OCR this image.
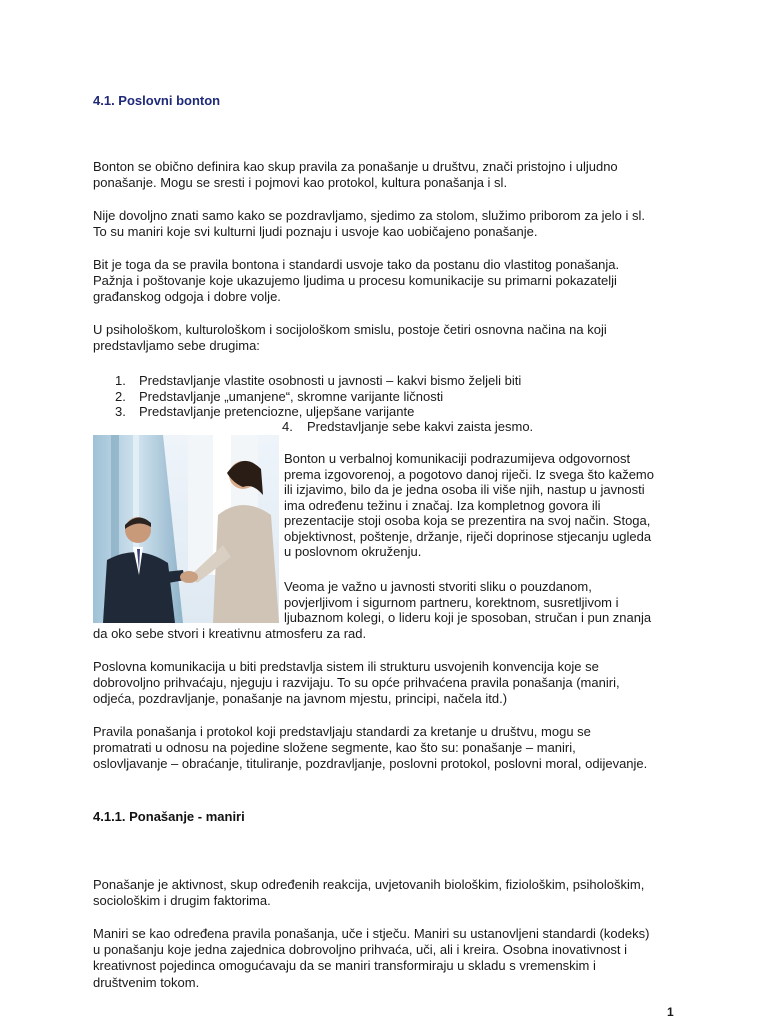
4.1. Poslovni bonton
Bonton se obično definira kao skup pravila za ponašanje u društvu, znači pristojno i uljudno
ponašanje. Mogu se sresti i pojmovi kao protokol, kultura ponašanja i sl.
Nije dovoljno znati samo kako se pozdravljamo, sjedimo za stolom, služimo priborom za jelo i sl.
To su maniri koje svi kulturni ljudi poznaju i usvoje kao uobičajeno ponašanje.
Bit je toga da se pravila bontona i standardi usvoje tako da postanu dio vlastitog ponašanja.
Pažnja i poštovanje koje ukazujemo ljudima u procesu komunikacije su primarni pokazatelji
građanskog odgoja i dobre volje.
U psihološkom, kulturološkom i socijološkom smislu, postoje četiri osnovna načina na koji
predstavljamo sebe drugima:
1. Predstavljanje vlastite osobnosti u javnosti – kakvi bismo željeli biti
2. Predstavljanje „umanjene“, skromne varijante ličnosti
3. Predstavljanje pretenciozne, uljepšane varijante
4. Predstavljanje sebe kakvi zaista jesmo.
Bonton u verbalnoj komunikaciji podrazumijeva odgovornost
prema izgovorenoj, a pogotovo danoj riječi. Iz svega što kažemo
ili izjavimo, bilo da je jedna osoba ili više njih, nastup u javnosti
ima određenu težinu i značaj. Iza kompletnog govora ili
prezentacije stoji osoba koja se prezentira na svoj način. Stoga,
objektivnost, poštenje, držanje, riječi doprinose stjecanju ugleda
u poslovnom okruženju.
Veoma je važno u javnosti stvoriti sliku o pouzdanom,
povjerljivom i sigurnom partneru, korektnom, susretljivom i
ljubaznom kolegi, o lideru koji je sposoban, stručan i pun znanja
da oko sebe stvori i kreativnu atmosferu za rad.
Poslovna komunikacija u biti predstavlja sistem ili strukturu usvojenih konvencija koje se
dobrovoljno prihvaćaju, njeguju i razvijaju. To su opće prihvaćena pravila ponašanja (maniri,
odjeća, pozdravljanje, ponašanje na javnom mjestu, principi, načela itd.)
Pravila ponašanja i protokol koji predstavljaju standardi za kretanje u društvu, mogu se
promatrati u odnosu na pojedine složene segmente, kao što su: ponašanje – maniri,
oslovljavanje – obraćanje, tituliranje, pozdravljanje, poslovni protokol, poslovni moral, odijevanje.
4.1.1. Ponašanje - maniri
Ponašanje je aktivnost, skup određenih reakcija, uvjetovanih biološkim, fiziološkim, psihološkim,
sociološkim i drugim faktorima.
Maniri se kao određena pravila ponašanja, uče i stječu. Maniri su ustanovljeni standardi (kodeks)
u ponašanju koje jedna zajednica dobrovoljno prihvaća, uči, ali i kreira. Osobna inovativnost i
kreativnost pojedinca omogućavaju da se maniri transformiraju u skladu s vremenskim i
društvenim tokom.
1
